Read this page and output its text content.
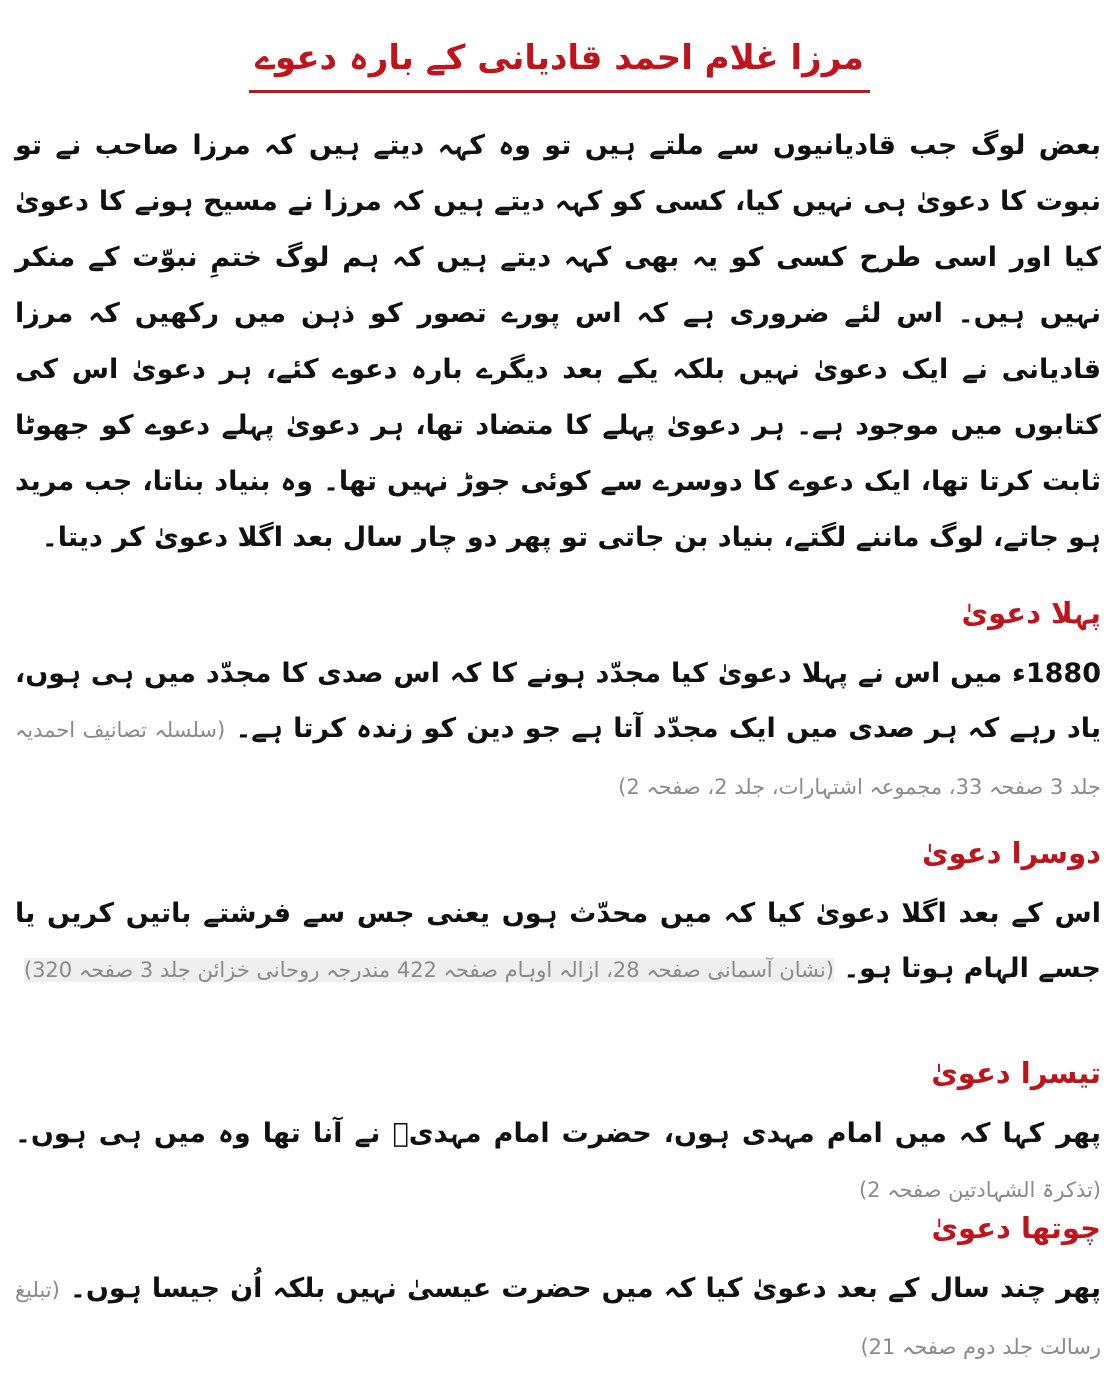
مرزا غلام احمد قادیانی کے بارہ دعوے

بعض لوگ جب قادیانیوں سے ملتے ہیں تو وہ کہہ دیتے ہیں کہ مرزا صاحب نے تو نبوت کا دعویٰ ہی نہیں کیا، کسی کو کہہ دیتے ہیں کہ مرزا نے مسیح ہونے کا دعویٰ کیا اور اسی طرح کسی کو یہ بھی کہہ دیتے ہیں کہ ہم لوگ ختمِ نبوّت کے منکر نہیں ہیں۔ اس لئے ضروری ہے کہ اس پورے تصور کو ذہن میں رکھیں کہ مرزا قادیانی نے ایک دعویٰ نہیں بلکہ یکے بعد دیگرے بارہ دعوے کئے، ہر دعویٰ اس کی کتابوں میں موجود ہے۔ ہر دعویٰ پہلے کا متضاد تھا، ہر دعویٰ پہلے دعوے کو جھوٹا ثابت کرتا تھا، ایک دعوے کا دوسرے سے کوئی جوڑ نہیں تھا۔ وہ بنیاد بناتا، جب مرید ہو جاتے، لوگ ماننے لگتے، بنیاد بن جاتی تو پھر دو چار سال بعد اگلا دعویٰ کر دیتا۔

پہلا دعویٰ

1880ء میں اس نے پہلا دعویٰ کیا مجدّد ہونے کا کہ اس صدی کا مجدّد میں ہی ہوں، یاد رہے کہ ہر صدی میں ایک مجدّد آتا ہے جو دین کو زندہ کرتا ہے۔ (سلسلہ تصانیف احمدیہ جلد 3 صفحہ 33، مجموعہ اشتہارات، جلد 2، صفحہ 2)

دوسرا دعویٰ

اس کے بعد اگلا دعویٰ کیا کہ میں محدّث ہوں یعنی جس سے فرشتے باتیں کریں یا جسے الہام ہوتا ہو۔ (نشان آسمانی صفحہ 28، ازالہ اوہام صفحہ 422 مندرجہ روحانی خزائن جلد 3 صفحہ 320)

تیسرا دعویٰ

پھر کہا کہ میں امام مہدی ہوں، حضرت امام مہدیؑ نے آنا تھا وہ میں ہی ہوں۔ (تذکرۃ الشہادتین صفحہ 2)

چوتھا دعویٰ

پھر چند سال کے بعد دعویٰ کیا کہ میں حضرت عیسیٰ نہیں بلکہ اُن جیسا ہوں۔ (تبلیغ رسالت جلد دوم صفحہ 21)
